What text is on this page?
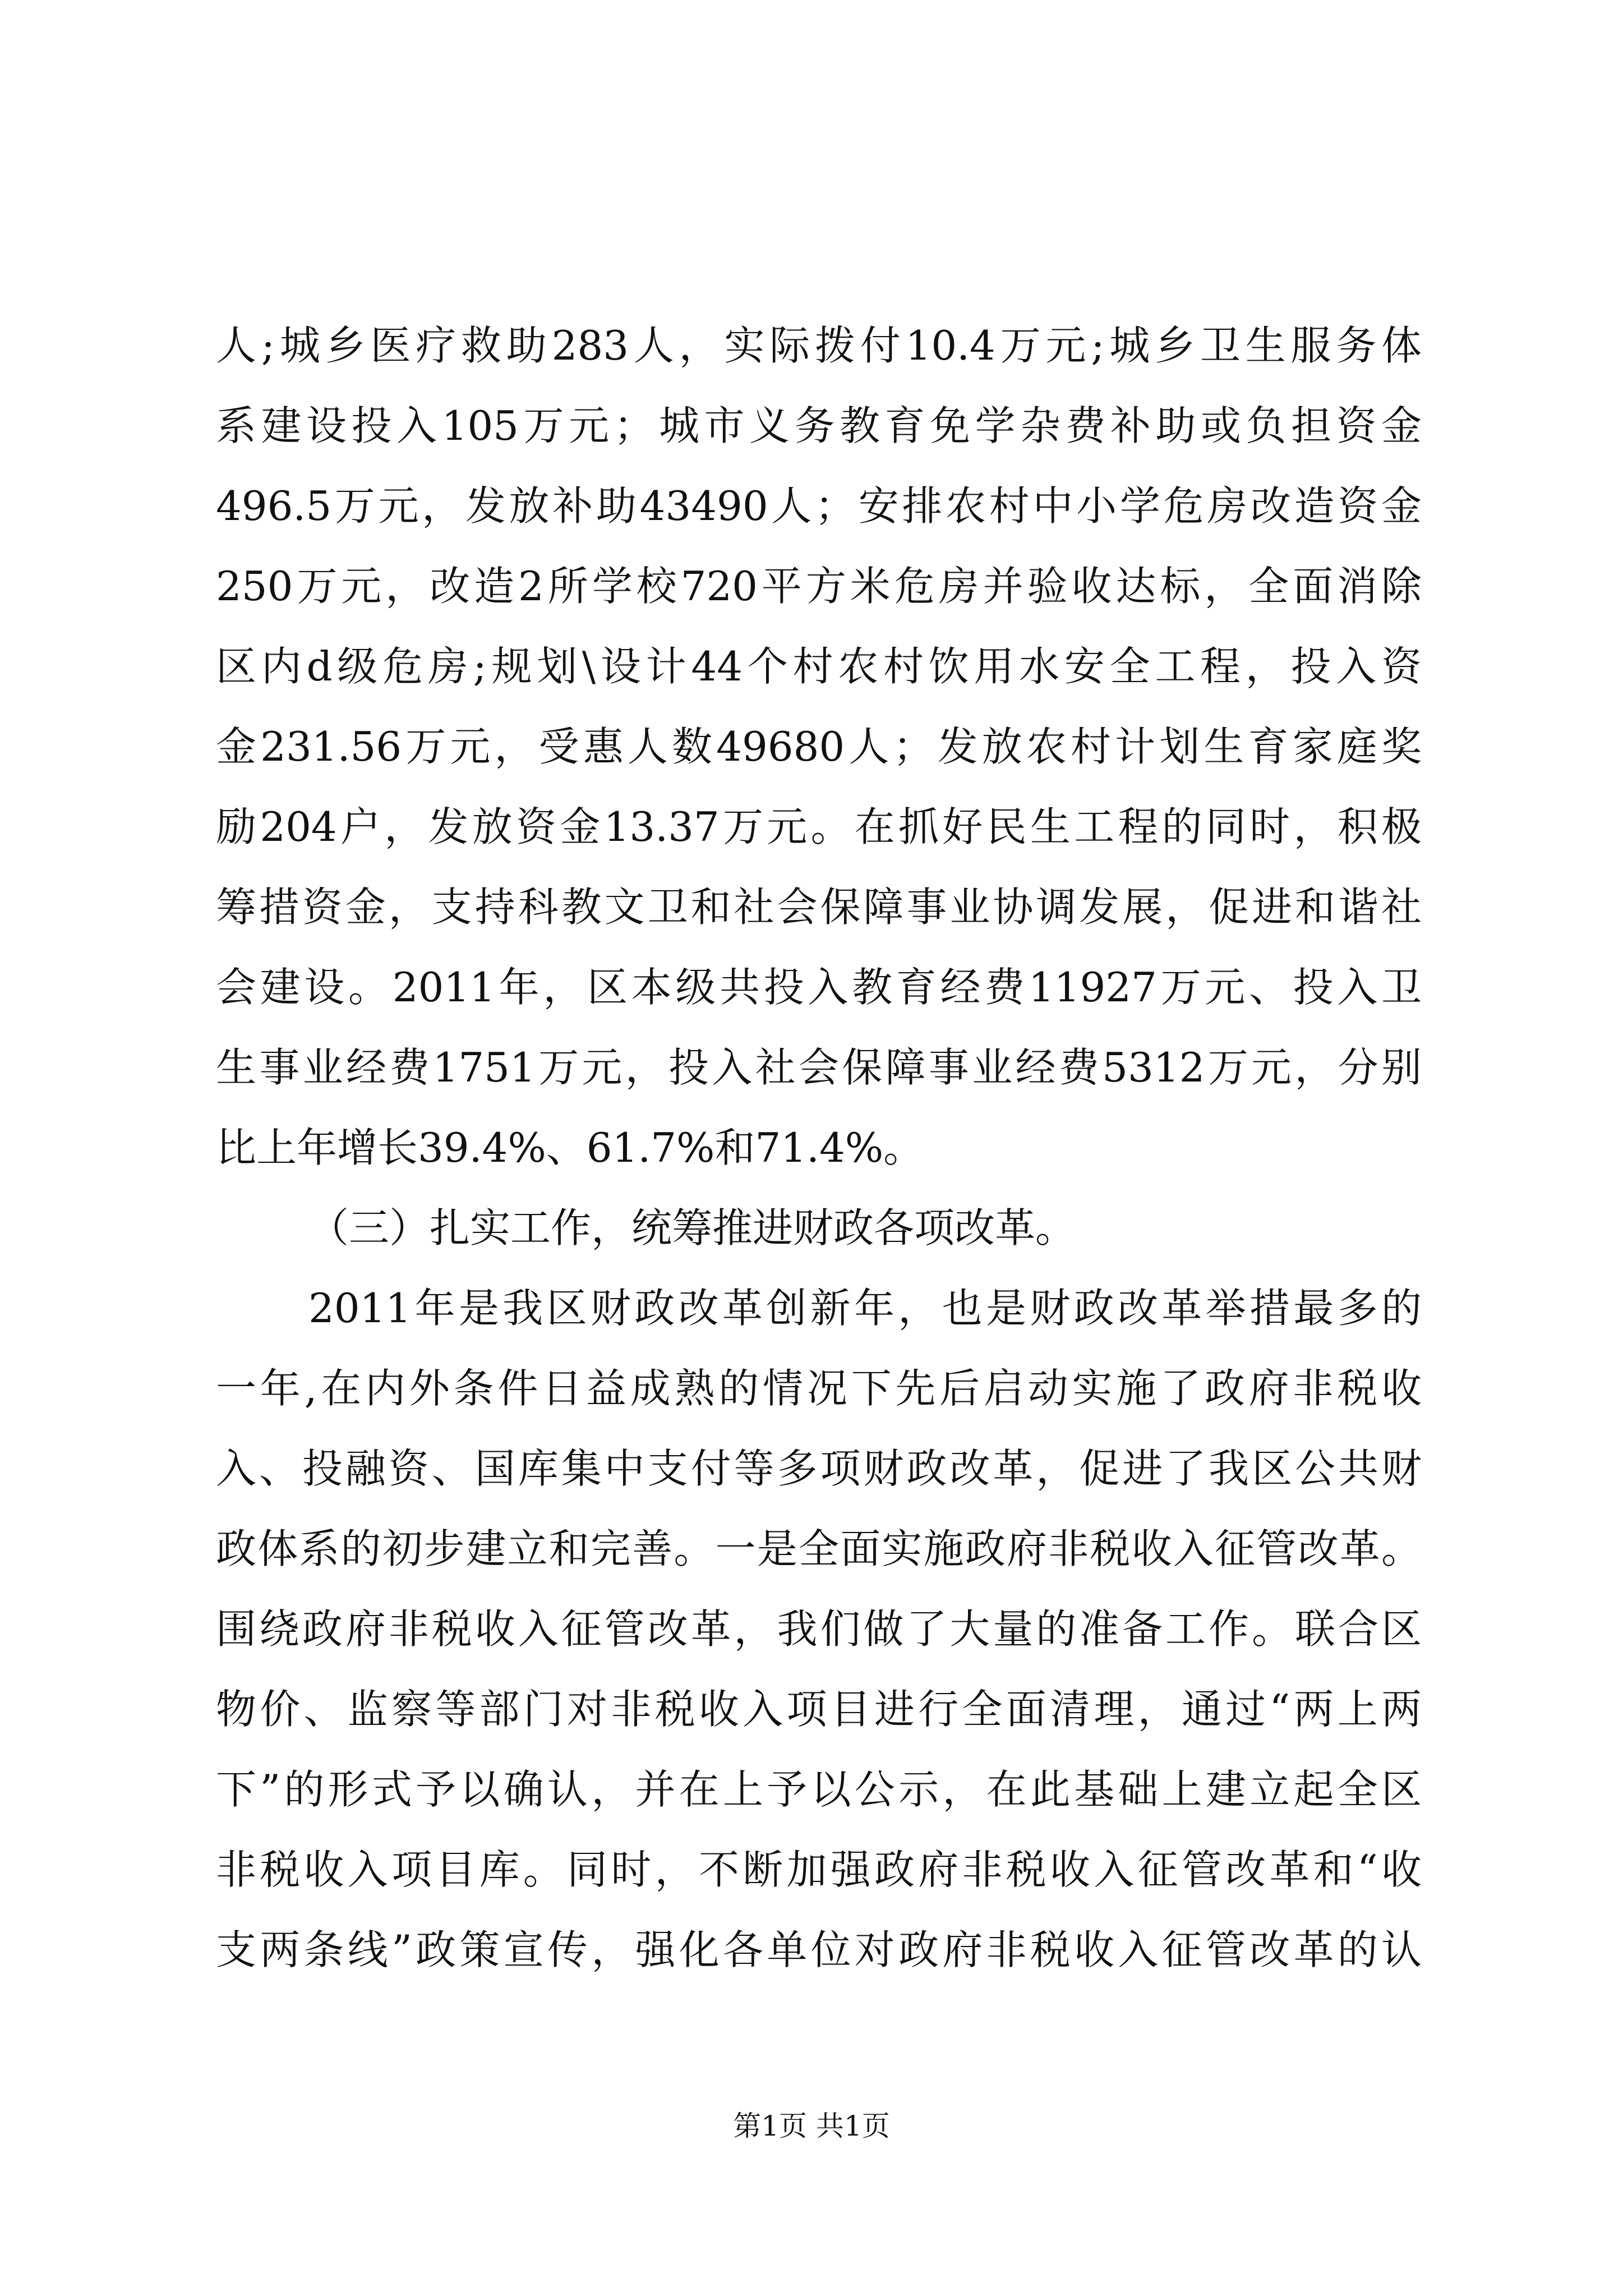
人;城乡医疗救助283人，实际拨付10.4万元;城乡卫生服务体
系建设投入105万元；城市义务教育免学杂费补助或负担资金
496.5万元，发放补助43490人；安排农村中小学危房改造资金
250万元，改造2所学校720平方米危房并验收达标，全面消除
区内d级危房;规划\设计44个村农村饮用水安全工程，投入资
金231.56万元，受惠人数49680人；发放农村计划生育家庭奖
励204户，发放资金13.37万元。在抓好民生工程的同时，积极
筹措资金，支持科教文卫和社会保障事业协调发展，促进和谐社
会建设。2011年，区本级共投入教育经费11927万元、投入卫
生事业经费1751万元，投入社会保障事业经费5312万元，分别
比上年增长39.4%、61.7%和71.4%。
（三）扎实工作，统筹推进财政各项改革。
2011年是我区财政改革创新年，也是财政改革举措最多的
一年,在内外条件日益成熟的情况下先后启动实施了政府非税收
入、投融资、国库集中支付等多项财政改革，促进了我区公共财
政体系的初步建立和完善。一是全面实施政府非税收入征管改革。
围绕政府非税收入征管改革，我们做了大量的准备工作。联合区
物价、监察等部门对非税收入项目进行全面清理，通过“两上两
下”的形式予以确认，并在上予以公示，在此基础上建立起全区
非税收入项目库。同时，不断加强政府非税收入征管改革和“收
支两条线”政策宣传，强化各单位对政府非税收入征管改革的认
第1页 共1页
